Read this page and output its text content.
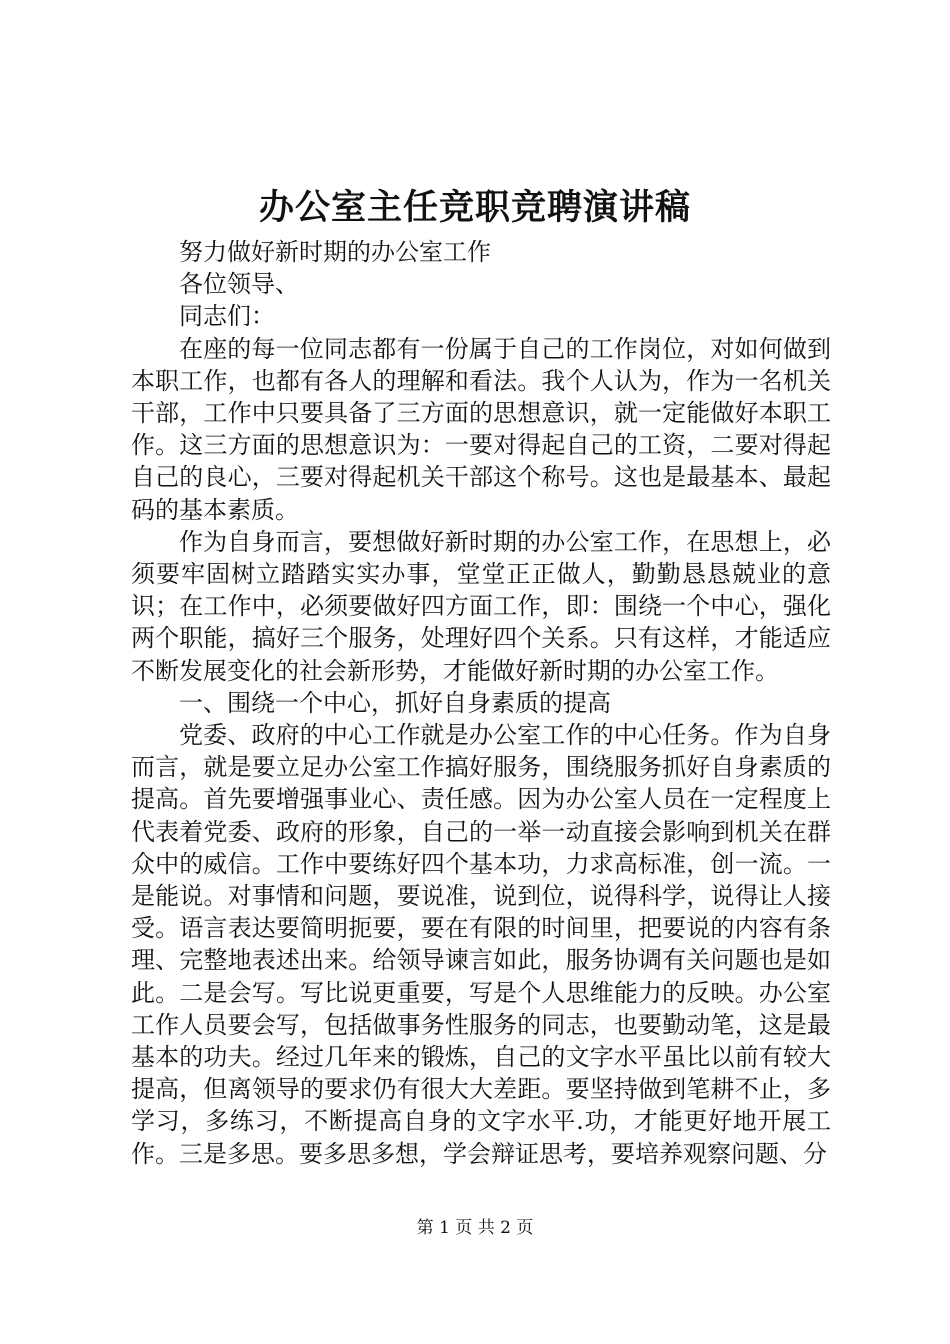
办公室主任竞职竞聘演讲稿

努力做好新时期的办公室工作

各位领导、

同志们：

在座的每一位同志都有一份属于自己的工作岗位，对如何做到本职工作，也都有各人的理解和看法。我个人认为，作为一名机关干部，工作中只要具备了三方面的思想意识，就一定能做好本职工作。这三方面的思想意识为：一要对得起自己的工资，二要对得起自己的良心，三要对得起机关干部这个称号。这也是最基本、最起码的基本素质。

作为自身而言，要想做好新时期的办公室工作，在思想上，必须要牢固树立踏踏实实办事，堂堂正正做人，勤勤恳恳兢业的意识；在工作中，必须要做好四方面工作，即：围绕一个中心，强化两个职能，搞好三个服务，处理好四个关系。只有这样，才能适应不断发展变化的社会新形势，才能做好新时期的办公室工作。

一、围绕一个中心，抓好自身素质的提高

党委、政府的中心工作就是办公室工作的中心任务。作为自身而言，就是要立足办公室工作搞好服务，围绕服务抓好自身素质的提高。首先要增强事业心、责任感。因为办公室人员在一定程度上代表着党委、政府的形象，自己的一举一动直接会影响到机关在群众中的威信。工作中要练好四个基本功，力求高标准，创一流。一是能说。对事情和问题，要说准，说到位，说得科学，说得让人接受。语言表达要简明扼要，要在有限的时间里，把要说的内容有条理、完整地表述出来。给领导谏言如此，服务协调有关问题也是如此。二是会写。写比说更重要，写是个人思维能力的反映。办公室工作人员要会写，包括做事务性服务的同志，也要勤动笔，这是最基本的功夫。经过几年来的锻炼，自己的文字水平虽比以前有较大提高，但离领导的要求仍有很大大差距。要坚持做到笔耕不止，多学习，多练习，不断提高自身的文字水平.功，才能更好地开展工作。三是多思。要多思多想，学会辩证思考，要培养观察问题、分

第 1 页 共 2 页
